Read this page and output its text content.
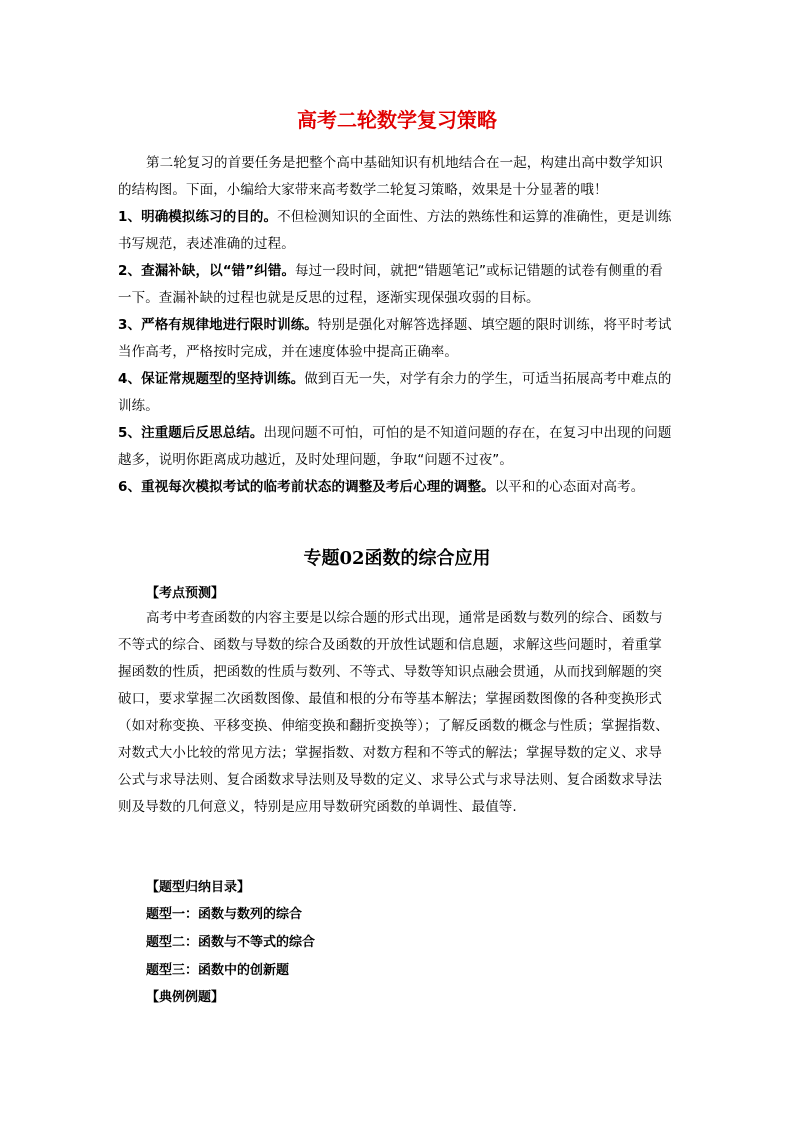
高考二轮数学复习策略

第二轮复习的首要任务是把整个高中基础知识有机地结合在一起，构建出高中数学知识的结构图。下面，小编给大家带来高考数学二轮复习策略，效果是十分显著的哦！

1、明确模拟练习的目的。不但检测知识的全面性、方法的熟练性和运算的准确性，更是训练书写规范，表述准确的过程。

2、查漏补缺，以“错”纠错。每过一段时间，就把“错题笔记”或标记错题的试卷有侧重的看一下。查漏补缺的过程也就是反思的过程，逐渐实现保强攻弱的目标。

3、严格有规律地进行限时训练。特别是强化对解答选择题、填空题的限时训练，将平时考试当作高考，严格按时完成，并在速度体验中提高正确率。

4、保证常规题型的坚持训练。做到百无一失，对学有余力的学生，可适当拓展高考中难点的训练。

5、注重题后反思总结。出现问题不可怕，可怕的是不知道问题的存在，在复习中出现的问题越多，说明你距离成功越近，及时处理问题，争取“问题不过夜”。

6、重视每次模拟考试的临考前状态的调整及考后心理的调整。以平和的心态面对高考。

专题02函数的综合应用

【考点预测】

高考中考查函数的内容主要是以综合题的形式出现，通常是函数与数列的综合、函数与不等式的综合、函数与导数的综合及函数的开放性试题和信息题，求解这些问题时，着重掌握函数的性质，把函数的性质与数列、不等式、导数等知识点融会贯通，从而找到解题的突破口，要求掌握二次函数图像、最值和根的分布等基本解法；掌握函数图像的各种变换形式（如对称变换、平移变换、伸缩变换和翻折变换等）；了解反函数的概念与性质；掌握指数、对数式大小比较的常见方法；掌握指数、对数方程和不等式的解法；掌握导数的定义、求导公式与求导法则、复合函数求导法则及导数的定义、求导公式与求导法则、复合函数求导法则及导数的几何意义，特别是应用导数研究函数的单调性、最值等.

【题型归纳目录】

题型一：函数与数列的综合

题型二：函数与不等式的综合

题型三：函数中的创新题

【典例例题】
